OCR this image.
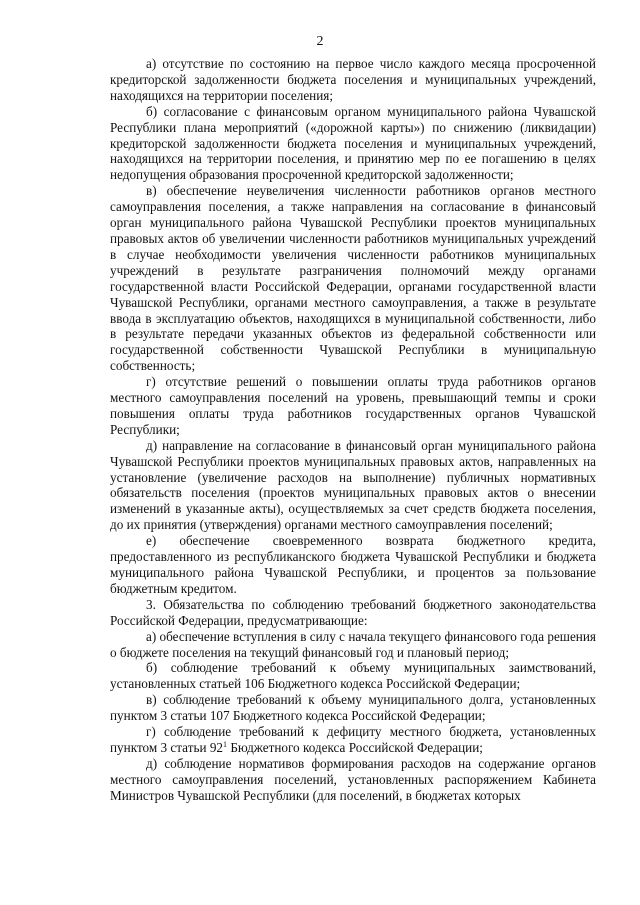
2

а) отсутствие по состоянию на первое число каждого месяца просроченной кредиторской задолженности бюджета поселения и муниципальных учреждений, находящихся на территории поселения;

б) согласование с финансовым органом муниципального района Чувашской Республики плана мероприятий («дорожной карты») по снижению (ликвидации) кредиторской задолженности бюджета поселения и муниципальных учреждений, находящихся на территории поселения, и принятию мер по ее погашению в целях недопущения образования просроченной кредиторской задолженности;

в) обеспечение неувеличения численности работников органов местного самоуправления поселения, а также направления на согласование в финансовый орган муниципального района Чувашской Республики проектов муниципальных правовых актов об увеличении численности работников муниципальных учреждений в случае необходимости увеличения численности работников муниципальных учреждений в результате разграничения полномочий между органами государственной власти Российской Федерации, органами государственной власти Чувашской Республики, органами местного самоуправления, а также в результате ввода в эксплуатацию объектов, находящихся в муниципальной собственности, либо в результате передачи указанных объектов из федеральной собственности или государственной собственности Чувашской Республики в муниципальную собственность;

г) отсутствие решений о повышении оплаты труда работников органов местного самоуправления поселений на уровень, превышающий темпы и сроки повышения оплаты труда работников государственных органов Чувашской Республики;

д) направление на согласование в финансовый орган муниципального района Чувашской Республики проектов муниципальных правовых актов, направленных на установление (увеличение расходов на выполнение) публичных нормативных обязательств поселения (проектов муниципальных правовых актов о внесении изменений в указанные акты), осуществляемых за счет средств бюджета поселения, до их принятия (утверждения) органами местного самоуправления поселений;

е) обеспечение своевременного возврата бюджетного кредита, предоставленного из республиканского бюджета Чувашской Республики и бюджета муниципального района Чувашской Республики, и процентов за пользование бюджетным кредитом.

3. Обязательства по соблюдению требований бюджетного законодательства Российской Федерации, предусматривающие:

а) обеспечение вступления в силу с начала текущего финансового года решения о бюджете поселения на текущий финансовый год и плановый период;

б) соблюдение требований к объему муниципальных заимствований, установленных статьей 106 Бюджетного кодекса Российской Федерации;

в) соблюдение требований к объему муниципального долга, установленных пунктом 3 статьи 107 Бюджетного кодекса Российской Федерации;

г) соблюдение требований к дефициту местного бюджета, установленных пунктом 3 статьи $92^1$ Бюджетного кодекса Российской Федерации;

д) соблюдение нормативов формирования расходов на содержание органов местного самоуправления поселений, установленных распоряжением Кабинета Министров Чувашской Республики (для поселений, в бюджетах которых
